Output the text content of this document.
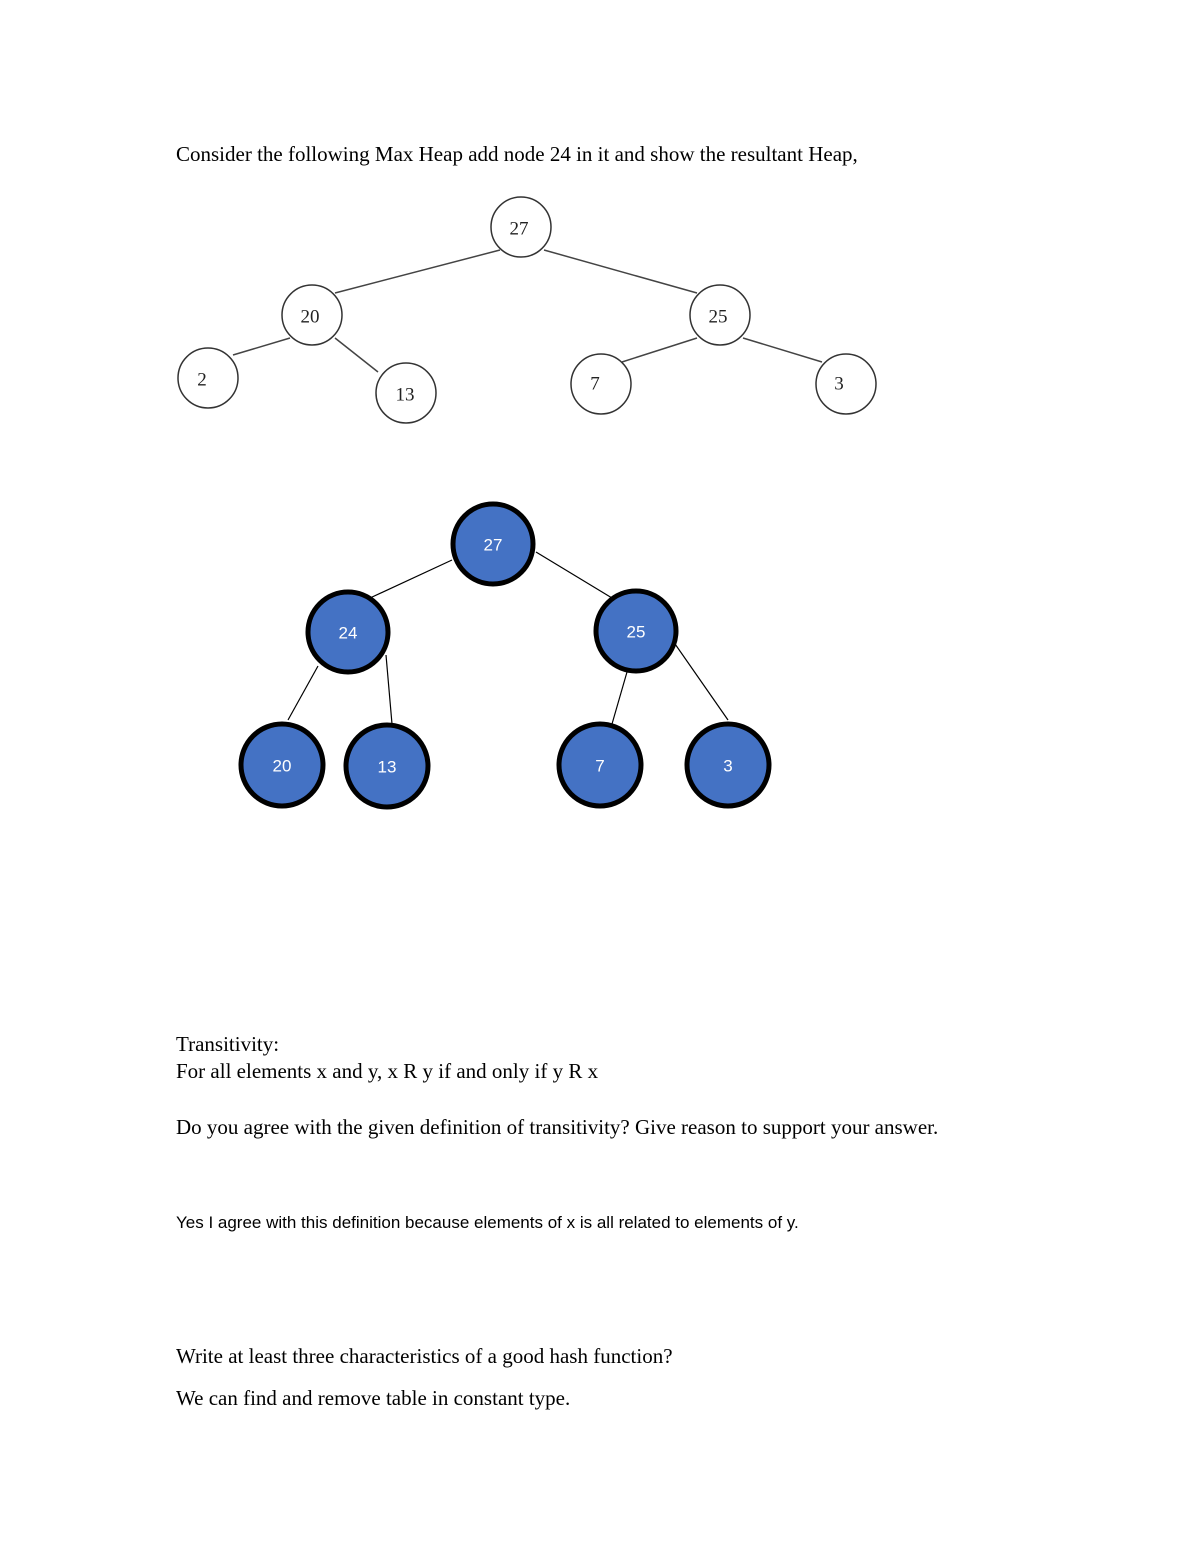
Consider the following Max Heap add node 24 in it and show the resultant Heap,
27
20	25
2
13
7	3
27
24	25
20	13	7	3
Transitivity:
For all elements x and y, x R y if and only if y R x
Do you agree with the given definition of transitivity? Give reason to support your answer.
Yes I agree with this definition because elements of x is all related to elements of y.
Write at least three characteristics of a good hash function?
We can find and remove table in constant type.
